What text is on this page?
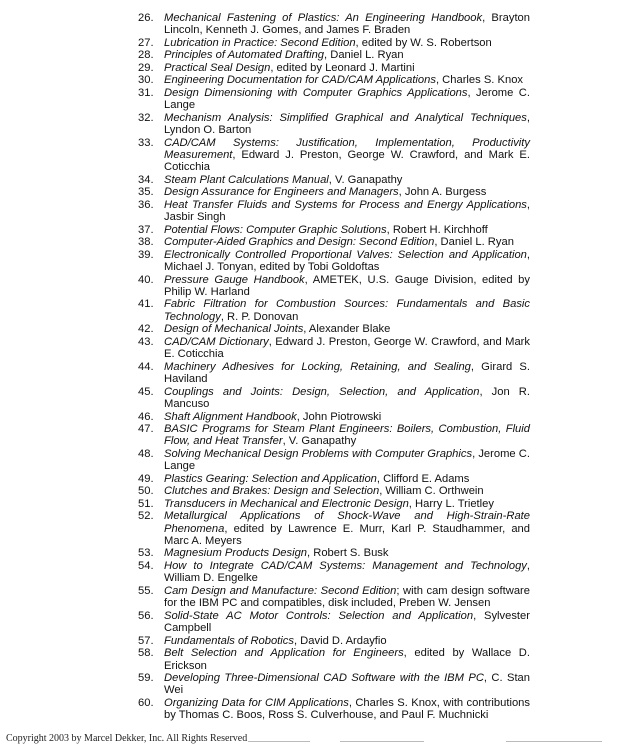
26. Mechanical Fastening of Plastics: An Engineering Handbook, Brayton Lincoln, Kenneth J. Gomes, and James F. Braden
27. Lubrication in Practice: Second Edition, edited by W. S. Robertson
28. Principles of Automated Drafting, Daniel L. Ryan
29. Practical Seal Design, edited by Leonard J. Martini
30. Engineering Documentation for CAD/CAM Applications, Charles S. Knox
31. Design Dimensioning with Computer Graphics Applications, Jerome C. Lange
32. Mechanism Analysis: Simplified Graphical and Analytical Techniques, Lyndon O. Barton
33. CAD/CAM Systems: Justification, Implementation, Productivity Measurement, Edward J. Preston, George W. Crawford, and Mark E. Coticchia
34. Steam Plant Calculations Manual, V. Ganapathy
35. Design Assurance for Engineers and Managers, John A. Burgess
36. Heat Transfer Fluids and Systems for Process and Energy Applications, Jasbir Singh
37. Potential Flows: Computer Graphic Solutions, Robert H. Kirchhoff
38. Computer-Aided Graphics and Design: Second Edition, Daniel L. Ryan
39. Electronically Controlled Proportional Valves: Selection and Application, Michael J. Tonyan, edited by Tobi Goldoftas
40. Pressure Gauge Handbook, AMETEK, U.S. Gauge Division, edited by Philip W. Harland
41. Fabric Filtration for Combustion Sources: Fundamentals and Basic Technology, R. P. Donovan
42. Design of Mechanical Joints, Alexander Blake
43. CAD/CAM Dictionary, Edward J. Preston, George W. Crawford, and Mark E. Coticchia
44. Machinery Adhesives for Locking, Retaining, and Sealing, Girard S. Haviland
45. Couplings and Joints: Design, Selection, and Application, Jon R. Mancuso
46. Shaft Alignment Handbook, John Piotrowski
47. BASIC Programs for Steam Plant Engineers: Boilers, Combustion, Fluid Flow, and Heat Transfer, V. Ganapathy
48. Solving Mechanical Design Problems with Computer Graphics, Jerome C. Lange
49. Plastics Gearing: Selection and Application, Clifford E. Adams
50. Clutches and Brakes: Design and Selection, William C. Orthwein
51. Transducers in Mechanical and Electronic Design, Harry L. Trietley
52. Metallurgical Applications of Shock-Wave and High-Strain-Rate Phenomena, edited by Lawrence E. Murr, Karl P. Staudhammer, and Marc A. Meyers
53. Magnesium Products Design, Robert S. Busk
54. How to Integrate CAD/CAM Systems: Management and Technology, William D. Engelke
55. Cam Design and Manufacture: Second Edition; with cam design software for the IBM PC and compatibles, disk included, Preben W. Jensen
56. Solid-State AC Motor Controls: Selection and Application, Sylvester Campbell
57. Fundamentals of Robotics, David D. Ardayfio
58. Belt Selection and Application for Engineers, edited by Wallace D. Erickson
59. Developing Three-Dimensional CAD Software with the IBM PC, C. Stan Wei
60. Organizing Data for CIM Applications, Charles S. Knox, with contributions by Thomas C. Boos, Ross S. Culverhouse, and Paul F. Muchnicki
Copyright 2003 by Marcel Dekker, Inc. All Rights Reserved
